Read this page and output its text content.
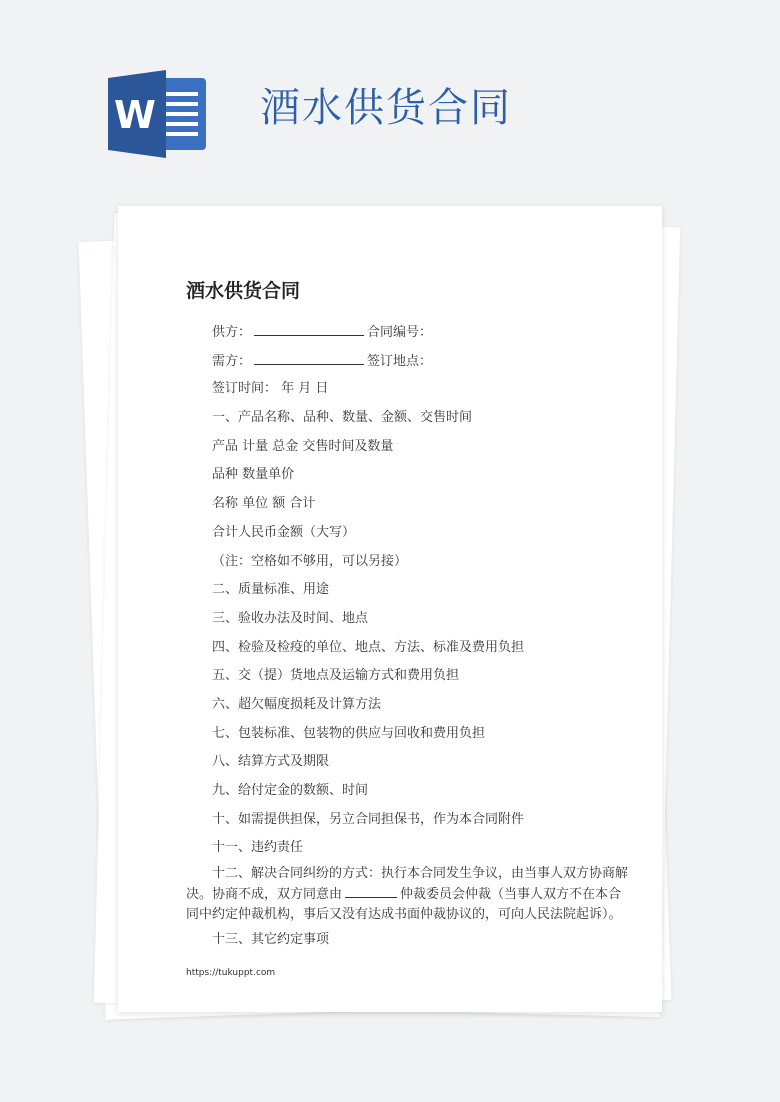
W	酒水供货合同
酒水供货合同
供方：	合同编号：
需方：	签订地点：
签订时间： 年 月 日
一、产品名称、品种、数量、金额、交售时间
产品 计量 总金 交售时间及数量
品种 数量单价
名称 单位 额 合计
合计人民币金额（大写）
（注：空格如不够用，可以另接）
二、质量标准、用途
三、验收办法及时间、地点
四、检验及检疫的单位、地点、方法、标准及费用负担
五、交（提）货地点及运输方式和费用负担
六、超欠幅度损耗及计算方法
七、包装标准、包装物的供应与回收和费用负担
八、结算方式及期限
九、给付定金的数额、时间
十、如需提供担保，另立合同担保书，作为本合同附件
十一、违约责任
十二、解决合同纠纷的方式：执行本合同发生争议，由当事人双方协商解决。协商不成，双方同意由	仲裁委员会仲裁（当事人双方不在本合同中约定仲裁机构，事后又没有达成书面仲裁协议的，可向人民法院起诉）。
十三、其它约定事项
https://tukuppt.com
